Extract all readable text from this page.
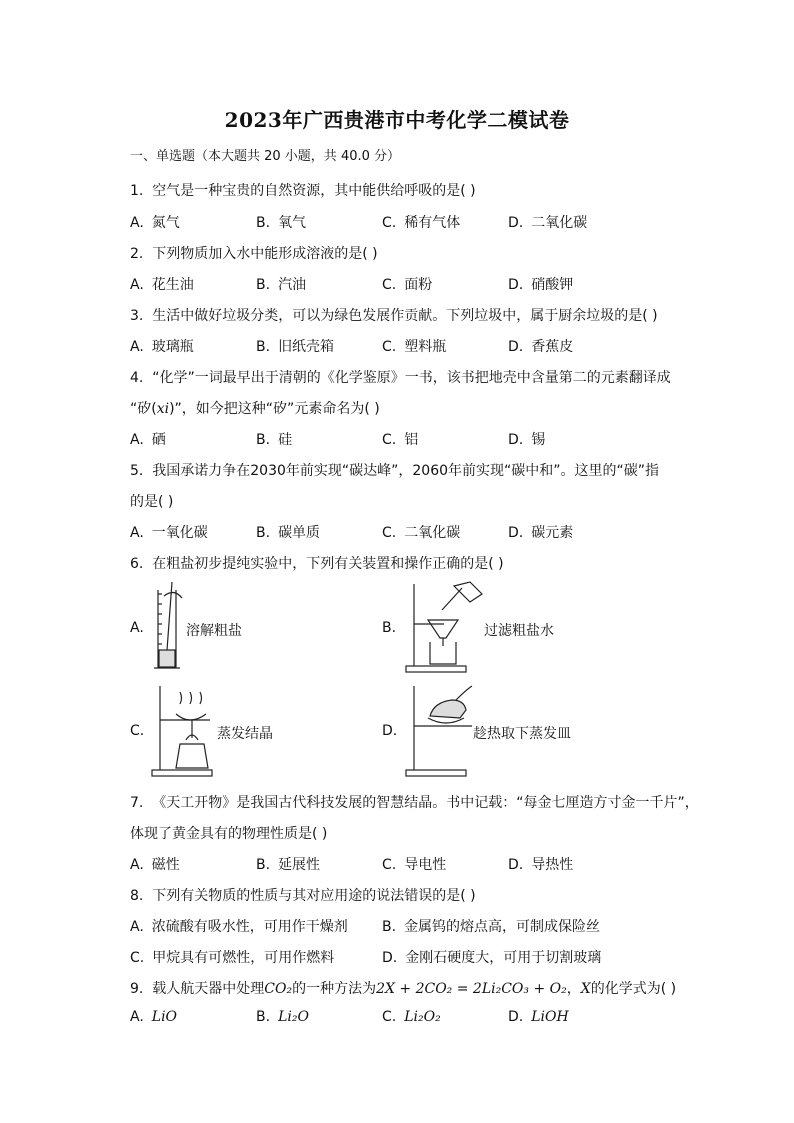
2023年广西贵港市中考化学二模试卷
一、单选题（本大题共 20 小题，共 40.0 分）
1. 空气是一种宝贵的自然资源，其中能供给呼吸的是( )
A. 氮气	B. 氧气	C. 稀有气体	D. 二氧化碳
2. 下列物质加入水中能形成溶液的是( )
A. 花生油	B. 汽油	C. 面粉	D. 硝酸钾
3. 生活中做好垃圾分类，可以为绿色发展作贡献。下列垃圾中，属于厨余垃圾的是( )
A. 玻璃瓶	B. 旧纸壳箱	C. 塑料瓶	D. 香蕉皮
4. “化学”一词最早出于清朝的《化学鉴原》一书，该书把地壳中含量第二的元素翻译成
“矽(xi)”，如今把这种“矽”元素命名为( )
A. 硒	B. 硅	C. 铝	D. 锡
5. 我国承诺力争在2030年前实现“碳达峰”，2060年前实现“碳中和”。这里的“碳”指
的是( )
A. 一氧化碳	B. 碳单质	C. 二氧化碳	D. 碳元素
6. 在粗盐初步提纯实验中，下列有关装置和操作正确的是( )
A.	溶解粗盐	B.	过滤粗盐水
C.	蒸发结晶	D.	趁热取下蒸发皿
7. 《天工开物》是我国古代科技发展的智慧结晶。书中记载：“每金七厘造方寸金一千片”，
体现了黄金具有的物理性质是( )
A. 磁性	B. 延展性	C. 导电性	D. 导热性
8. 下列有关物质的性质与其对应用途的说法错误的是( )
A. 浓硫酸有吸水性，可用作干燥剂 B. 金属钨的熔点高，可制成保险丝
C. 甲烷具有可燃性，可用作燃料	D. 金刚石硬度大，可用于切割玻璃
9. 载人航天器中处理CO₂的一种方法为2X + 2CO₂ = 2Li₂CO₃ + O₂，X的化学式为( )
A. LiO	B. Li₂O	C. Li₂O₂	D. LiOH
